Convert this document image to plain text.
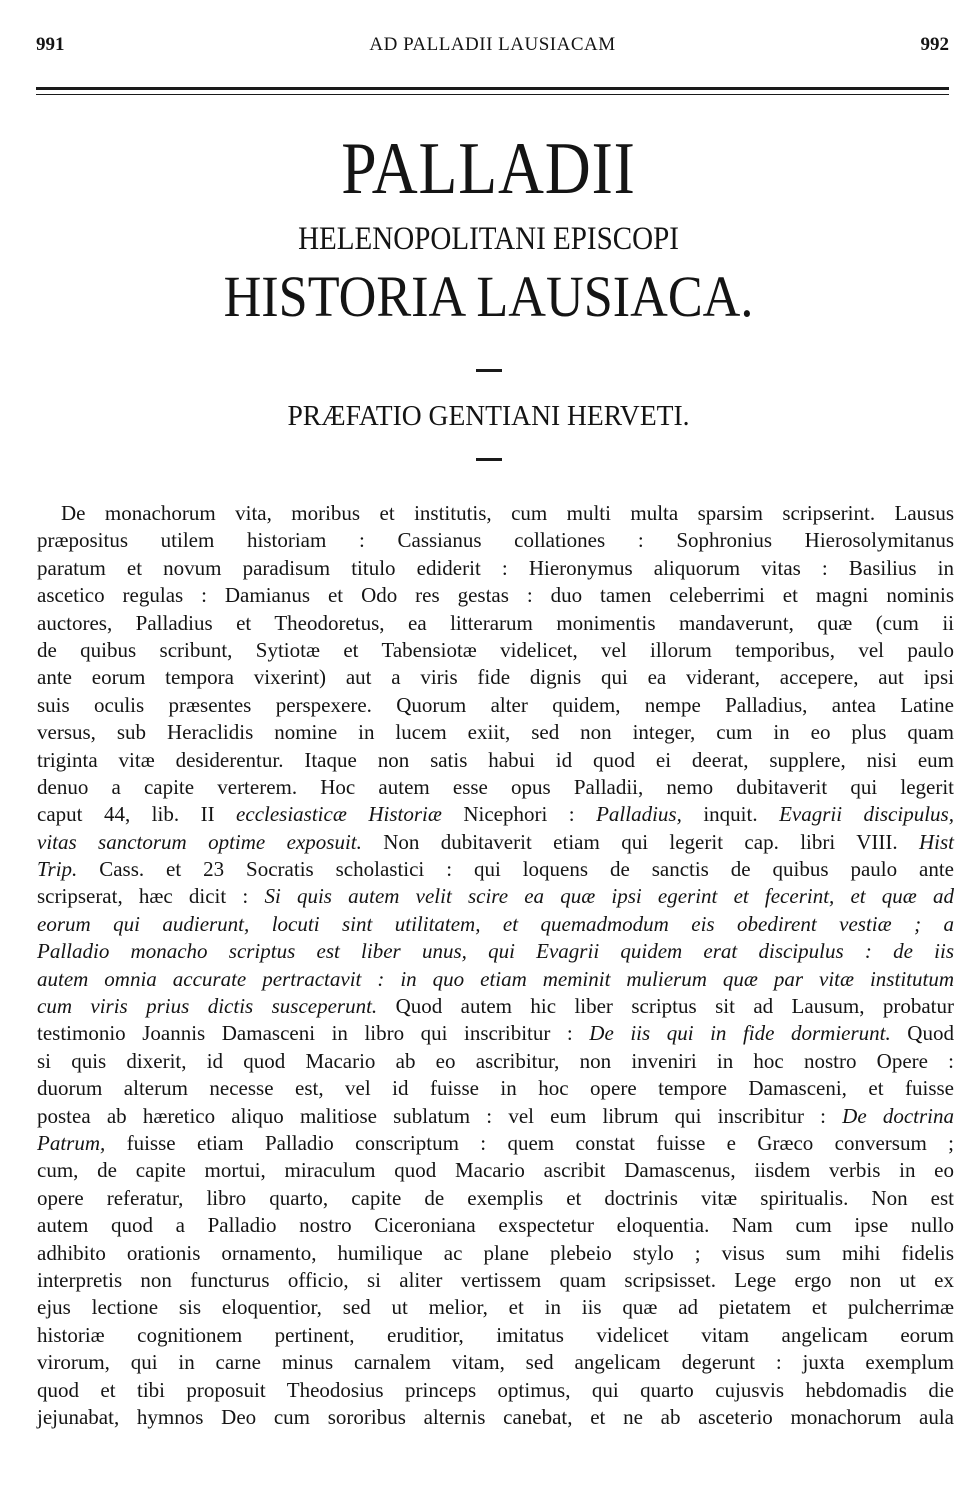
991	AD PALLADII LAUSIACAM	992
PALLADII
HELENOPOLITANI EPISCOPI
HISTORIA LAUSIACA.
PRÆFATIO GENTIANI HERVETI.
De monachorum vita, moribus et institutis, cum multi multa sparsim scripserint. Lausus
præpositus utilem historiam : Cassianus collationes : Sophronius Hierosolymitanus
paratum et novum paradisum titulo ediderit : Hieronymus aliquorum vitas : Basilius in
ascetico regulas : Damianus et Odo res gestas : duo tamen celeberrimi et magni nominis
auctores, Palladius et Theodoretus, ea litterarum monimentis mandaverunt, quæ (cum ii
de quibus scribunt, Sytiotæ et Tabensiotæ videlicet, vel illorum temporibus, vel paulo
ante eorum tempora vixerint) aut a viris fide dignis qui ea viderant, accepere, aut ipsi
suis oculis præsentes perspexere. Quorum alter quidem, nempe Palladius, antea Latine
versus, sub Heraclidis nomine in lucem exiit, sed non integer, cum in eo plus quam
triginta vitæ desiderentur. Itaque non satis habui id quod ei deerat, supplere, nisi eum
denuo a capite verterem. Hoc autem esse opus Palladii, nemo dubitaverit qui legerit
caput 44, lib. II ecclesiasticæ Historiæ Nicephori : Palladius, inquit. Evagrii discipulus,
vitas sanctorum optime exposuit. Non dubitaverit etiam qui legerit cap. libri VIII. Hist
Trip. Cass. et 23 Socratis scholastici : qui loquens de sanctis de quibus paulo ante
scripserat, hæc dicit : Si quis autem velit scire ea quæ ipsi egerint et fecerint, et quæ ad
eorum qui audierunt, locuti sint utilitatem, et quemadmodum eis obedirent vestiæ ; a
Palladio monacho scriptus est liber unus, qui Evagrii quidem erat discipulus : de iis
autem omnia accurate pertractavit : in quo etiam meminit mulierum quæ par vitæ institutum
cum viris prius dictis susceperunt. Quod autem hic liber scriptus sit ad Lausum, probatur
testimonio Joannis Damasceni in libro qui inscribitur : De iis qui in fide dormierunt. Quod
si quis dixerit, id quod Macario ab eo ascribitur, non inveniri in hoc nostro Opere :
duorum alterum necesse est, vel id fuisse in hoc opere tempore Damasceni, et fuisse
postea ab hæretico aliquo malitiose sublatum : vel eum librum qui inscribitur : De doctrina
Patrum, fuisse etiam Palladio conscriptum : quem constat fuisse e Græco conversum ;
cum, de capite mortui, miraculum quod Macario ascribit Damascenus, iisdem verbis in eo
opere referatur, libro quarto, capite de exemplis et doctrinis vitæ spiritualis. Non est
autem quod a Palladio nostro Ciceroniana exspectetur eloquentia. Nam cum ipse nullo
adhibito orationis ornamento, humilique ac plane plebeio stylo ; visus sum mihi fidelis
interpretis non functurus officio, si aliter vertissem quam scripsisset. Lege ergo non ut ex
ejus lectione sis eloquentior, sed ut melior, et in iis quæ ad pietatem et pulcherrimæ
historiæ cognitionem pertinent, eruditior, imitatus videlicet vitam angelicam eorum
virorum, qui in carne minus carnalem vitam, sed angelicam degerunt : juxta exemplum
quod et tibi proposuit Theodosius princeps optimus, qui quarto cujusvis hebdomadis die
jejunabat, hymnos Deo cum sororibus alternis canebat, et ne ab asceterio monachorum aula
